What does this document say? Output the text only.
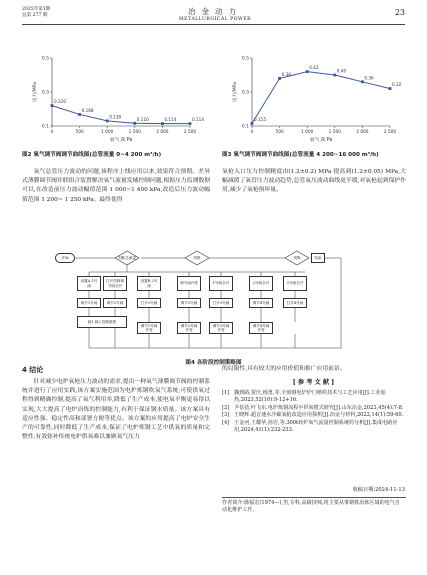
2025年第1期
总第 277 期	冶金动力
METALLURGICAL POWER
23
0.1
0.3
0.5
0	500	1 000	1 500	2 000	2 500
压力/MPa
氧气 /k Pa
0.220
0.168
0.130	0.116	0.114	0.114
0.1
0.3
0.5
0	500	1 000	1 500	2 000	2 500
压力/MPa
氧气 /k Pa
0.115
0.38
0.42
0.40
0.36
0.32
图2 氧气调节阀调节曲线图(总管流量 0~4 200 m³/h)	图3 氧气调节阀调节曲线图(总管流量 4 200~16 000 m³/h)

氧气总管压力波动的问题,该程序上线应用以来,效果符合预期。差异式薄膜调节阀并联组合装置解决氧气流量发辅控制问题,根据压力监测数据可以,在改造前压力波动幅值范围 1 000~1 400 kPa,改造后压力波动幅值范围 1 200~ 1 250 kPa。最终使得

氧枪入口压力控制精度由(1.2±0.2) MPa 提高到(1.2±0.05) MPa,大幅减缓了氧管压力波动趋势,总管氧压波动曲线更平缓,对氧枪起到保护作用,减少了氧枪损坏量。

开始	判断总流量	判断	判断	结束
设置A 1号阀
打开控制调节阀全开
设置B 2号阀
调节阀开度	1号阀全开	2号阀全开	3号阀全开
调节1号阀	调节2号阀	打开2号阀	调节3号阀	打开3号阀	调节4号阀	打开4号阀
阀1 阀2 控制联锁
调节1号阀开度
调节2号阀开度
调节3号阀开度
调节4号阀开度
图4 各阶段控制策略图
4 结论

针对减少电炉氧枪压力波动的需求,提出一种氧气薄膜调节阀的控制系统并进行了应用实践,该方案实施范围为电炉炼钢吹氧气系统,可使供氧过程得到精确控制,提高了氧气利用率,降低了生产成本,使电氧平衡更易得以实现,大大提高了电炉冶炼的控制能力,有利于保证钢水质量。该方案具有适应性强、稳定性高和部署方便等优点。该方案的应用提高了电炉安全生产的可靠性,同时降低了生产成本,保证了电炉炼钢工艺中供氧的质量和完整性,有效弥补传统电炉供氧难以兼顾氧气压力

的局限性,具有较大的应用价值和推广应用前景。

[ 参 考 文 献 ]
[1] 魏到路,贾庆,杨勇,等.全废钢电炉炉门喷吹技术与工艺应用[J].工业加热,2023,52(10):9-12+16.
[2] 尹蓓蓓,叶飞东.电炉炼钢流程中供氧模式研究[J].山东冶金,2023,45(4):7-8.
[3] 王晓辉.超音速水冷碳氧枪改造应用探析[J].冶金与材料,2022,14(1):59-60.
[4] 王金河,王耀华,孙岩,等.300t转炉氧气流量控制系统的分析[J].集成电路应用,2024,41(1):232-233.
收稿日期:2024-11-13
作者简介:韩福宏(1974—),男,专科,高级技师,现主要从事钢铁冶炼区域的电气自动化维护工作。
